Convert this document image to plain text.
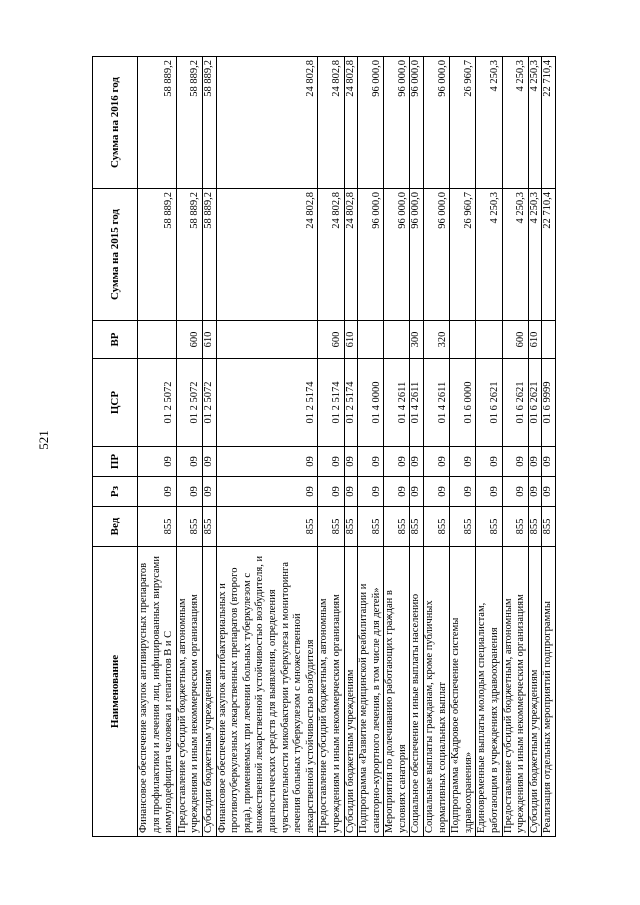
521
Наименование	Вед	Рз	ПР	ЦСР	ВР	Сумма на 2015 год	Сумма на 2016 год
Финансовое обеспечение закупок антивирусных препаратов для профилактики и лечения лиц, инфицированных вирусами иммунодефицита человека и гепатитов В и С	855	09	09	01 2 5072		58 889,2	58 889,2
Предоставление субсидий бюджетным, автономным учреждениям и иным некоммерческим организациям	855	09	09	01 2 5072	600	58 889,2	58 889,2
Субсидии бюджетным учреждениям	855	09	09	01 2 5072	610	58 889,2	58 889,2
Финансовое обеспечение закупок антибактериальных и противотуберкулезных лекарственных препаратов (второго ряда), применяемых при лечении больных туберкулезом с множественной лекарственной устойчивостью возбудителя, и диагностических средств для выявления, определения чувствительности микобактерии туберкулеза и мониторинга лечения больных туберкулезом с множественной лекарственной устойчивостью возбудителя	855	09	09	01 2 5174		24 802,8	24 802,8
Предоставление субсидий бюджетным, автономным учреждениям и иным некоммерческим организациям	855	09	09	01 2 5174	600	24 802,8	24 802,8
Субсидии бюджетным учреждениям	855	09	09	01 2 5174	610	24 802,8	24 802,8
Подпрограмма «Развитие медицинской реабилитации и санаторно-курортного лечения, в том числе для детей»	855	09	09	01 4 0000		96 000,0	96 000,0
Мероприятия по долечиванию работающих граждан в условиях санатория	855	09	09	01 4 2611		96 000,0	96 000,0
Социальное обеспечение и иные выплаты населению	855	09	09	01 4 2611	300	96 000,0	96 000,0
Социальные выплаты гражданам, кроме публичных нормативных социальных выплат	855	09	09	01 4 2611	320	96 000,0	96 000,0
Подпрограмма «Кадровое обеспечение системы здравоохранения»	855	09	09	01 6 0000		26 960,7	26 960,7
Единовременные выплаты молодым специалистам, работающим в учреждениях здравоохранения	855	09	09	01 6 2621		4 250,3	4 250,3
Предоставление субсидий бюджетным, автономным учреждениям и иным некоммерческим организациям	855	09	09	01 6 2621	600	4 250,3	4 250,3
Субсидии бюджетным учреждениям	855	09	09	01 6 2621	610	4 250,3	4 250,3
Реализация отдельных мероприятий подпрограммы	855	09	09	01 6 9999		22 710,4	22 710,4
